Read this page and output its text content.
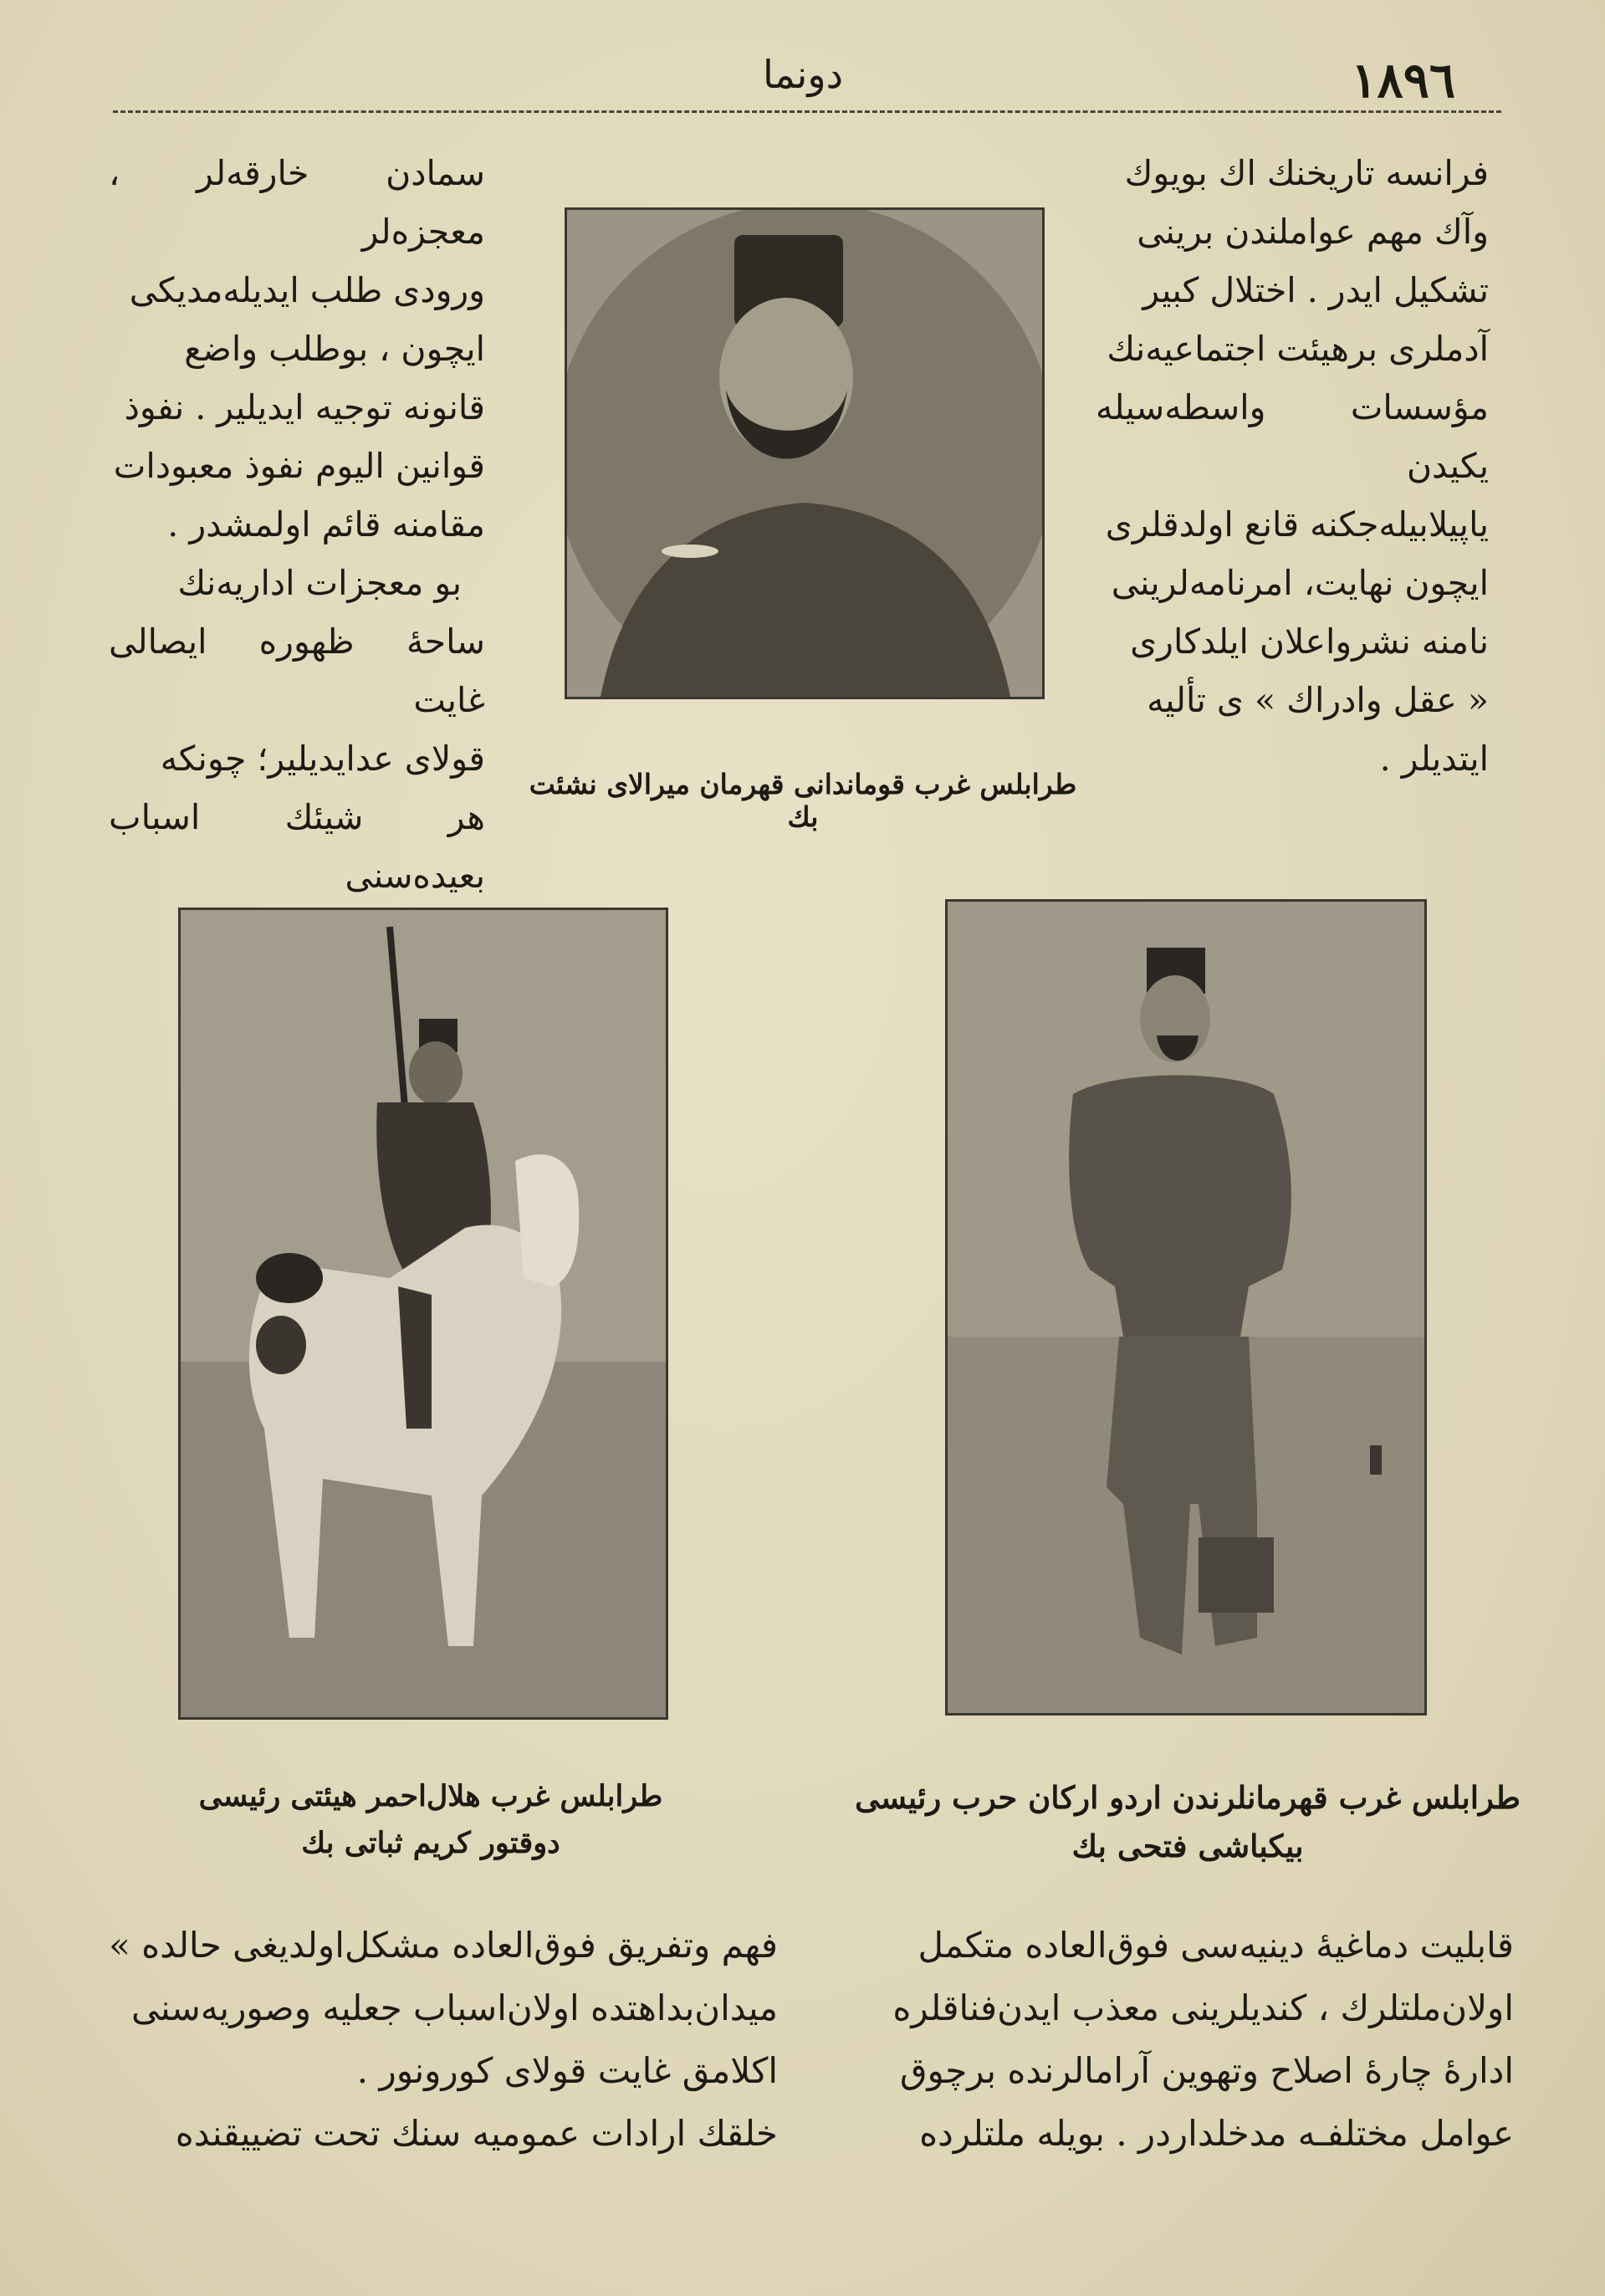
١٨٩٦
دونما

فرانسه تاریخنك اك بویوك

وآك مهم عواملندن برینی

تشكیل ایدر . اختلال كبیر

آدملری برهیئت اجتماعیه‌نك

مؤسسات واسطه‌سیله یكیدن

یاپیلابیله‌جكنه قانع اولدقلری

ایچون نهایت، امرنامه‌لرینی

نامنه نشرواعلان ایلدكاری

« عقل وادراك » ی تألیه

ایتدیلر .

سمادن خارقه‌لر ، معجزه‌لر

ورودی طلب ایدیله‌مدیكی

ایچون ، بوطلب واضع

قانونه توجیه ایدیلیر . نفوذ

قوانین الیوم نفوذ معبودات

مقامنه قائم اولمشدر .

بو معجزات اداریه‌نك

ساحهٔ ظهوره ایصالی غایت

قولای عدایدیلیر؛ چونكه

هر شیئك اسباب بعیده‌سنی

طرابلس غرب قوماندانی قهرمان میرالای نشئت بك

طرابلس غرب هلال‌احمر هیئتی رئیسی

دوقتور كریم ثباتی بك

طرابلس غرب قهرمانلرندن اردو اركان حرب رئیسی

بیكباشی فتحی بك

قابلیت دماغیهٔ دینیه‌سی فوق‌العاده متكمل

اولان‌ملتلرك ، كندیلرینی معذب ایدن‌فناقلره

ادارهٔ چارهٔ اصلاح وتهوین آرامالرنده برچوق

عوامل مختلفـه مدخلداردر . بویله ملتلرده

فهم وتفریق فوق‌العاده مشكل‌اولدیغی حالده »

میدان‌بداهتده اولان‌اسباب جعلیه وصوریه‌سنی

اكلامق غایت قولای كورونور .

خلقك ارادات عمومیه سنك تحت تضییقنده
